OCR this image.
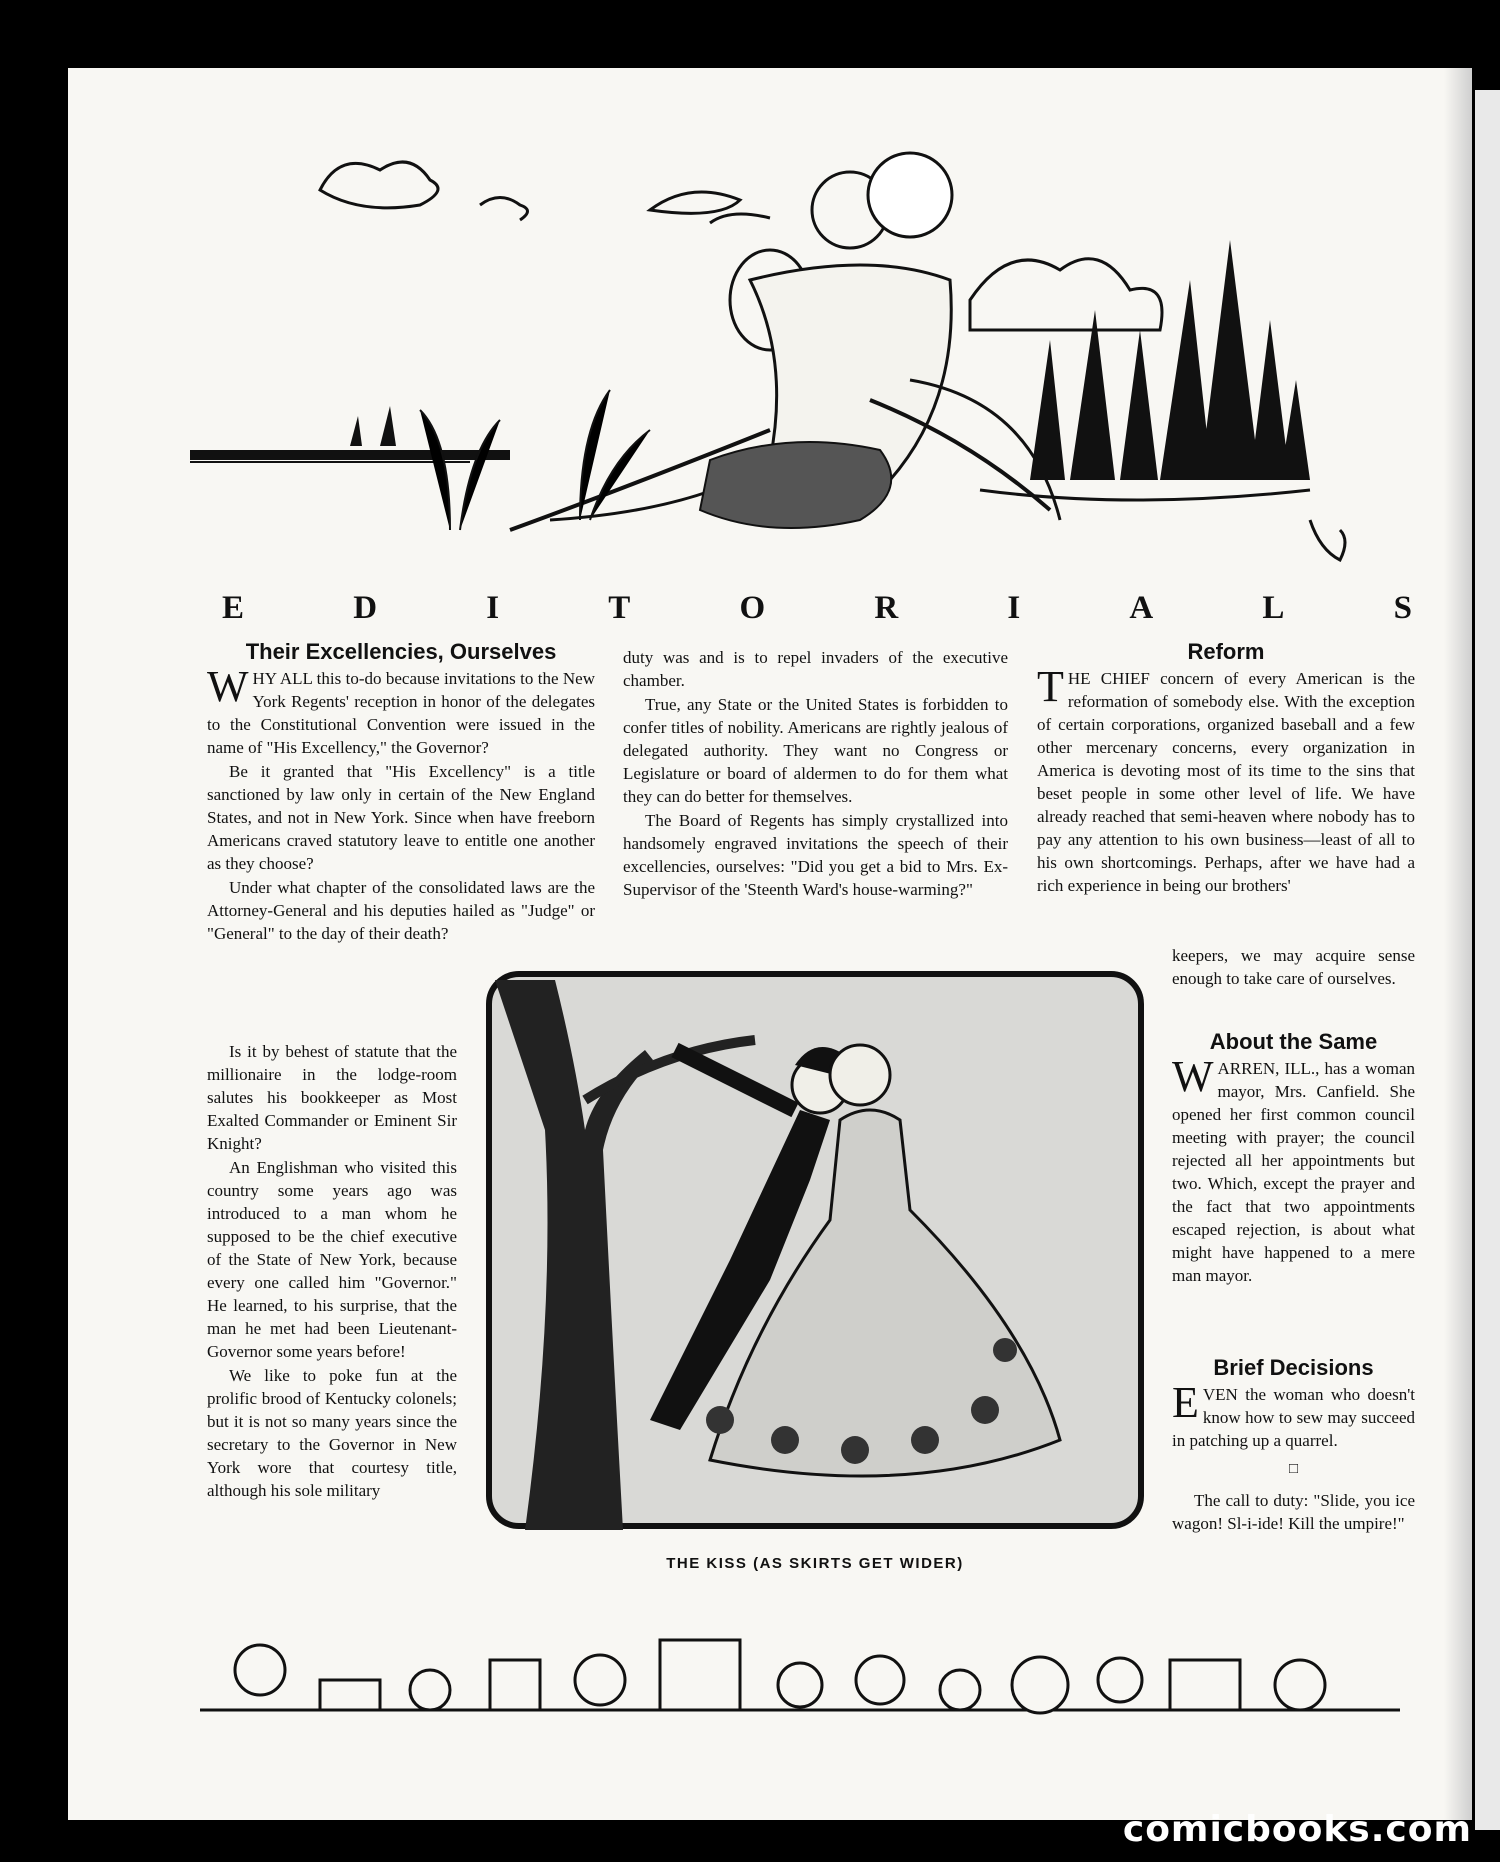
E	D	I	T	O	R	I	A	L	S
Their Excellencies, Ourselves

WHY ALL this to-do because invitations to the New York Regents' reception in honor of the delegates to the Constitutional Convention were issued in the name of "His Excellency," the Governor?

Be it granted that "His Excellency" is a title sanctioned by law only in certain of the New England States, and not in New York. Since when have freeborn Americans craved statutory leave to entitle one another as they choose?

Under what chapter of the consolidated laws are the Attorney-General and his deputies hailed as "Judge" or "General" to the day of their death?

Is it by behest of statute that the millionaire in the lodge-room salutes his bookkeeper as Most Exalted Commander or Eminent Sir Knight?

An Englishman who visited this country some years ago was introduced to a man whom he supposed to be the chief executive of the State of New York, because every one called him "Governor." He learned, to his surprise, that the man he met had been Lieutenant-Governor some years before!

We like to poke fun at the prolific brood of Kentucky colonels; but it is not so many years since the secretary to the Governor in New York wore that courtesy title, although his sole military

duty was and is to repel invaders of the executive chamber.

True, any State or the United States is forbidden to confer titles of nobility. Americans are rightly jealous of delegated authority. They want no Congress or Legislature or board of aldermen to do for them what they can do better for themselves.

The Board of Regents has simply crystallized into handsomely engraved invitations the speech of their excellencies, ourselves: "Did you get a bid to Mrs. Ex-Supervisor of the 'Steenth Ward's house-warming?"

Reform

THE CHIEF concern of every American is the reformation of somebody else. With the exception of certain corporations, organized baseball and a few other mercenary concerns, every organization in America is devoting most of its time to the sins that beset people in some other level of life. We have already reached that semi-heaven where nobody has to pay any attention to his own business—least of all to his own shortcomings. Perhaps, after we have had a rich experience in being our brothers'

keepers, we may acquire sense enough to take care of ourselves.

About the Same

WARREN, ILL., has a woman mayor, Mrs. Canfield. She opened her first common council meeting with prayer; the council rejected all her appointments but two. Which, except the prayer and the fact that two appointments escaped rejection, is about what might have happened to a mere man mayor.

Brief Decisions

EVEN the woman who doesn't know how to sew may succeed in patching up a quarrel.

□

The call to duty: "Slide, you ice wagon! Sl-i-ide! Kill the umpire!"

THE KISS (AS SKIRTS GET WIDER)
comicbooks.com
